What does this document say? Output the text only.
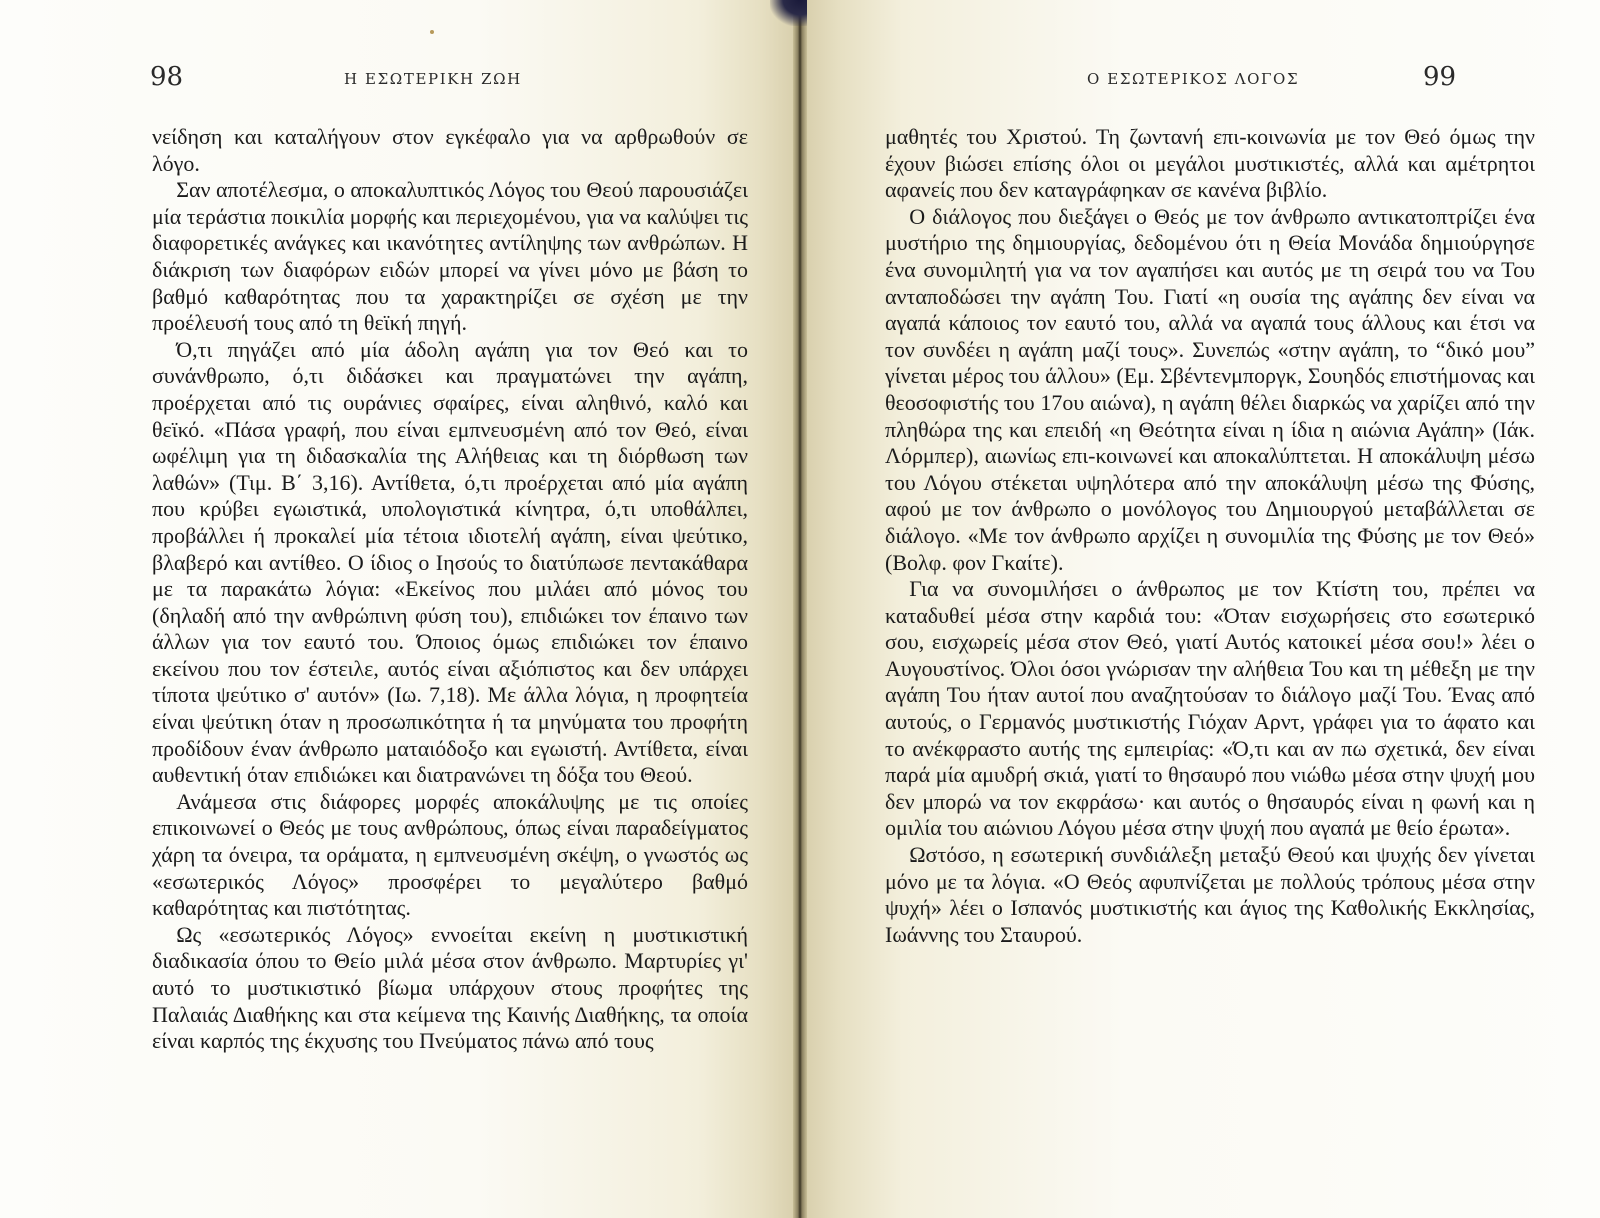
98	Η ΕΣΩΤΕΡΙΚΗ ΖΩΗ

νείδηση και καταλήγουν στον εγκέφαλο για να αρθρωθούν σε λόγο.

Σαν αποτέλεσμα, ο αποκαλυπτικός Λόγος του Θεού παρουσιάζει μία τεράστια ποικιλία μορφής και περιεχομένου, για να καλύψει τις διαφορετικές ανάγκες και ικανότητες αντίληψης των ανθρώπων. Η διάκριση των διαφόρων ειδών μπορεί να γίνει μόνο με βάση το βαθμό καθαρότητας που τα χαρακτηρίζει σε σχέση με την προέλευσή τους από τη θεϊκή πηγή.

Ό,τι πηγάζει από μία άδολη αγάπη για τον Θεό και το συνάνθρωπο, ό,τι διδάσκει και πραγματώνει την αγάπη, προέρχεται από τις ουράνιες σφαίρες, είναι αληθινό, καλό και θεϊκό. «Πάσα γραφή, που είναι εμπνευσμένη από τον Θεό, είναι ωφέλιμη για τη διδασκαλία της Αλήθειας και τη διόρθωση των λαθών» (Τιμ. Β΄ 3,16). Αντίθετα, ό,τι προέρχεται από μία αγάπη που κρύβει εγωιστικά, υπολογιστικά κίνητρα, ό,τι υποθάλπει, προβάλλει ή προκαλεί μία τέτοια ιδιοτελή αγάπη, είναι ψεύτικο, βλαβερό και αντίθεο. Ο ίδιος ο Ιησούς το διατύπωσε πεντακάθαρα με τα παρακάτω λόγια: «Εκείνος που μιλάει από μόνος του (δηλαδή από την ανθρώπινη φύση του), επιδιώκει τον έπαινο των άλλων για τον εαυτό του. Όποιος όμως επιδιώκει τον έπαινο εκείνου που τον έστειλε, αυτός είναι αξιόπιστος και δεν υπάρχει τίποτα ψεύτικο σ' αυτόν» (Ιω. 7,18). Με άλλα λόγια, η προφητεία είναι ψεύτικη όταν η προσωπικότητα ή τα μηνύματα του προφήτη προδίδουν έναν άνθρωπο ματαιόδοξο και εγωιστή. Αντίθετα, είναι αυθεντική όταν επιδιώκει και διατρανώνει τη δόξα του Θεού.

Ανάμεσα στις διάφορες μορφές αποκάλυψης με τις οποίες επικοινωνεί ο Θεός με τους ανθρώπους, όπως είναι παραδείγματος χάρη τα όνειρα, τα οράματα, η εμπνευσμένη σκέψη, ο γνωστός ως «εσωτερικός Λόγος» προσφέρει το μεγαλύτερο βαθμό καθαρότητας και πιστότητας.

Ως «εσωτερικός Λόγος» εννοείται εκείνη η μυστικιστική διαδικασία όπου το Θείο μιλά μέσα στον άνθρωπο. Μαρτυρίες γι' αυτό το μυστικιστικό βίωμα υπάρχουν στους προφήτες της Παλαιάς Διαθήκης και στα κείμενα της Καινής Διαθήκης, τα οποία είναι καρπός της έκχυσης του Πνεύματος πάνω από τους

Ο ΕΣΩΤΕΡΙΚΟΣ ΛΟΓΟΣ	99

μαθητές του Χριστού. Τη ζωντανή επι-κοινωνία με τον Θεό όμως την έχουν βιώσει επίσης όλοι οι μεγάλοι μυστικιστές, αλλά και αμέτρητοι αφανείς που δεν καταγράφηκαν σε κανένα βιβλίο.

Ο διάλογος που διεξάγει ο Θεός με τον άνθρωπο αντικατοπτρίζει ένα μυστήριο της δημιουργίας, δεδομένου ότι η Θεία Μονάδα δημιούργησε ένα συνομιλητή για να τον αγαπήσει και αυτός με τη σειρά του να Του ανταποδώσει την αγάπη Του. Γιατί «η ουσία της αγάπης δεν είναι να αγαπά κάποιος τον εαυτό του, αλλά να αγαπά τους άλλους και έτσι να τον συνδέει η αγάπη μαζί τους». Συνεπώς «στην αγάπη, το “δικό μου” γίνεται μέρος του άλλου» (Εμ. Σβέντενμποργκ, Σουηδός επιστήμονας και θεοσοφιστής του 17ου αιώνα), η αγάπη θέλει διαρκώς να χαρίζει από την πληθώρα της και επειδή «η Θεότητα είναι η ίδια η αιώνια Αγάπη» (Ιάκ. Λόρμπερ), αιωνίως επι-κοινωνεί και αποκαλύπτεται. Η αποκάλυψη μέσω του Λόγου στέκεται υψηλότερα από την αποκάλυψη μέσω της Φύσης, αφού με τον άνθρωπο ο μονόλογος του Δημιουργού μεταβάλλεται σε διάλογο. «Με τον άνθρωπο αρχίζει η συνομιλία της Φύσης με τον Θεό» (Βολφ. φον Γκαίτε).

Για να συνομιλήσει ο άνθρωπος με τον Κτίστη του, πρέπει να καταδυθεί μέσα στην καρδιά του: «Όταν εισχωρήσεις στο εσωτερικό σου, εισχωρείς μέσα στον Θεό, γιατί Αυτός κατοικεί μέσα σου!» λέει ο Αυγουστίνος. Όλοι όσοι γνώρισαν την αλήθεια Του και τη μέθεξη με την αγάπη Του ήταν αυτοί που αναζητούσαν το διάλογο μαζί Του. Ένας από αυτούς, ο Γερμανός μυστικιστής Γιόχαν Αρντ, γράφει για το άφατο και το ανέκφραστο αυτής της εμπειρίας: «Ό,τι και αν πω σχετικά, δεν είναι παρά μία αμυδρή σκιά, γιατί το θησαυρό που νιώθω μέσα στην ψυχή μου δεν μπορώ να τον εκφράσω· και αυτός ο θησαυρός είναι η φωνή και η ομιλία του αιώνιου Λόγου μέσα στην ψυχή που αγαπά με θείο έρωτα».

Ωστόσο, η εσωτερική συνδιάλεξη μεταξύ Θεού και ψυχής δεν γίνεται μόνο με τα λόγια. «Ο Θεός αφυπνίζεται με πολλούς τρόπους μέσα στην ψυχή» λέει ο Ισπανός μυστικιστής και άγιος της Καθολικής Εκκλησίας, Ιωάννης του Σταυρού.
